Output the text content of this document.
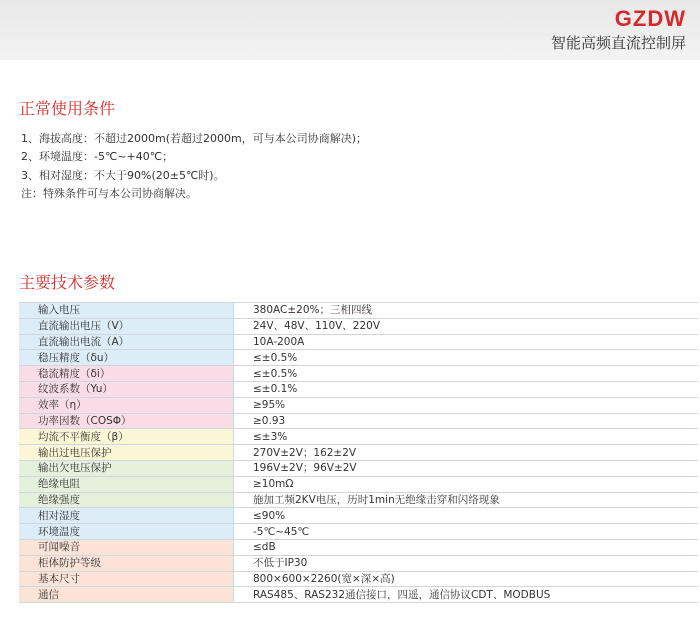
GZDW
智能高频直流控制屏
正常使用条件
1、海拔高度：不超过2000m(若超过2000m，可与本公司协商解决)；
2、环境温度：-5℃~+40℃；
3、相对湿度：不大于90%(20±5℃时)。
注：特殊条件可与本公司协商解决。
主要技术参数
输入电压	380AC±20%；三相四线
直流输出电压（V）	24V、48V、110V、220V
直流输出电流（A）	10A-200A
稳压精度（δu）	≤±0.5%
稳流精度（δi）	≤±0.5%
纹波系数（Yu）	≤±0.1%
效率（η）	≥95%
功率因数（COSΦ）	≥0.93
均流不平衡度（β）	≤±3%
输出过电压保护	270V±2V；162±2V
输出欠电压保护	196V±2V；96V±2V
绝缘电阻	≥10mΩ
绝缘强度	施加工频2KV电压，历时1min无绝缘击穿和闪络现象
相对湿度	≤90%
环境温度	-5℃~45℃
可闻噪音	≤dB
柜体防护等级	不低于IP30
基本尺寸	800×600×2260(宽×深×高)
通信	RAS485、RAS232通信接口，四遥，通信协议CDT、MODBUS
